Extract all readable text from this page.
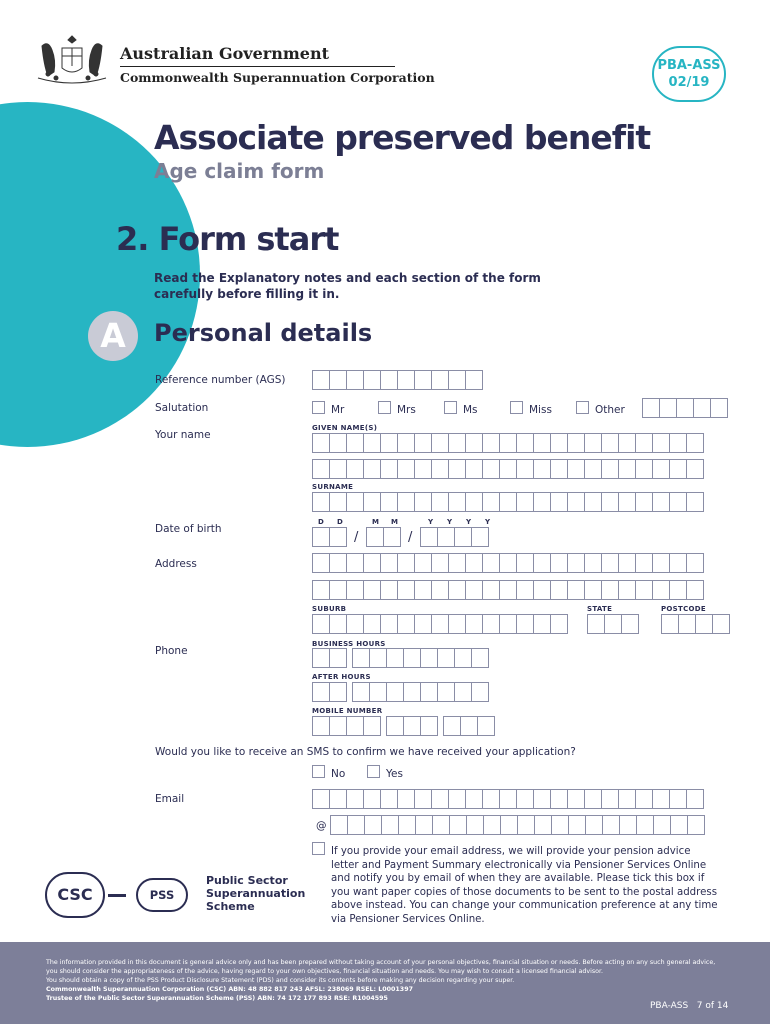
Australian Government
Commonwealth Superannuation Corporation
PBA-ASS
02/19
Associate preserved benefit
Age claim form
2. Form start
Read the Explanatory notes and each section of the form carefully before filling it in.
A	Personal details
Reference number (AGS)
Salutation	Mr	Mrs	Ms	Miss	Other
GIVEN NAME(S)
Your name
SURNAME
D D	M M	Y Y Y Y
Date of birth
/	/
Address
SUBURB	STATE	POSTCODE
BUSINESS HOURS
Phone
AFTER HOURS
MOBILE NUMBER
Would you like to receive an SMS to confirm we have received your application?
No	Yes
Email
@
If you provide your email address, we will provide your pension advice letter and Payment Summary electronically via Pensioner Services Online and notify you by email of when they are available. Please tick this box if you want paper copies of those documents to be sent to the postal address above instead. You can change your communication preference at any time via Pensioner Services Online.
CSC	PSS
Public Sector
Superannuation
Scheme
The information provided in this document is general advice only and has been prepared without taking account of your personal objectives, financial situation or needs. Before acting on any such general advice, you should consider the appropriateness of the advice, having regard to your own objectives, financial situation and needs. You may wish to consult a licensed financial advisor.
You should obtain a copy of the PSS Product Disclosure Statement (PDS) and consider its contents before making any decision regarding your super.
Commonwealth Superannuation Corporation (CSC) ABN: 48 882 817 243 AFSL: 238069 RSEL: L0001397
Trustee of the Public Sector Superannuation Scheme (PSS) ABN: 74 172 177 893 RSE: R1004595
PBA-ASS 7 of 14
